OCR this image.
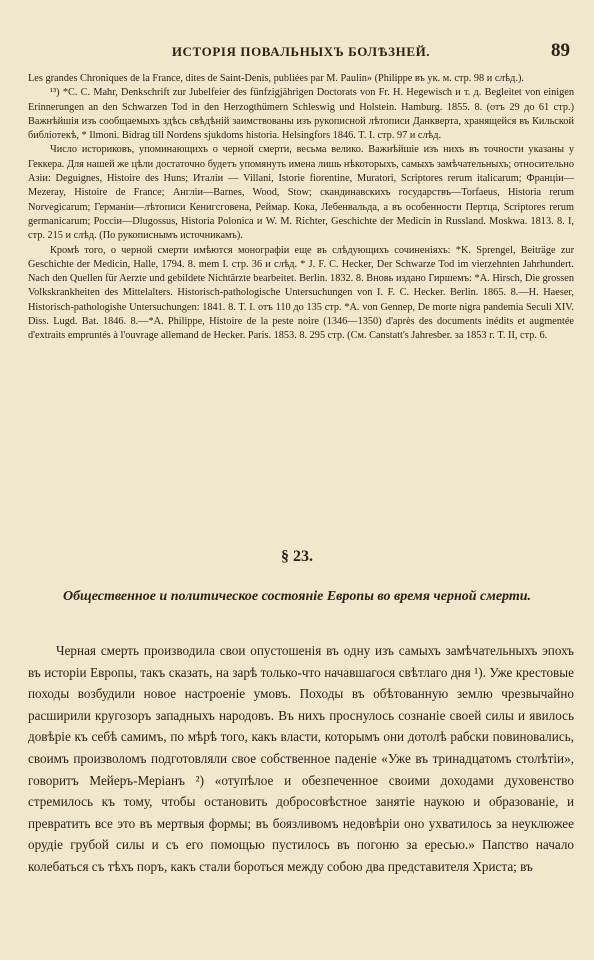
ИСТОРІЯ ПОВАЛЬНЫХЪ БОЛѢЗНЕЙ.	89

Les grandes Chroniques de la France, dites de Saint-Denis, publiées par M. Paulin» (Philippe въ ук. м. стр. 98 и слѣд.).

¹³) *C. C. Mahr, Denkschrift zur Jubelfeier des fünfzigjährigen Doctorats von Fr. H. Hegewisch и т. д. Begleitet von einigen Erinnerungen an den Schwarzen Tod in den Herzogthümern Schleswig und Holstein. Hamburg. 1855. 8. (отъ 29 до 61 стр.) Важнѣйшія изъ сообщаемыхъ здѣсь свѣдѣній заимствованы изъ рукописной лѣтописи Данкверта, хранящейся въ Кильской библіотекѣ, * Ilmoni. Bidrag till Nordens sjukdoms historia. Helsingfors 1846. T. I. стр. 97 и слѣд.

Число историковъ, упоминающихъ о черной смерти, весьма велико. Важнѣйшіе изъ нихъ въ точности указаны у Геккера. Для нашей же цѣли достаточно будетъ упомянуть имена лишь нѣкоторыхъ, самыхъ замѣчательныхъ; относительно Азіи: Deguignes, Histoire des Huns; Италіи — Villani, Istorie fiorentine, Muratori, Scriptores rerum italicarum; Франціи—Mezeray, Histoire de France; Англіи—Barnes, Wood, Stow; скандинавскихъ государствъ—Torfaeus, Historia rerum Norvegicarum; Германіи—лѣтописи Кенигсговена, Реймар. Кока, Лебенвальда, а въ особенности Пертца, Scriptores rerum germanicarum; Россіи—Dlugossus, Historia Polonica и W. M. Richter, Geschichte der Medicin in Russland. Moskwa. 1813. 8. I, стр. 215 и слѣд. (По рукописнымъ источникамъ).

Кромѣ того, о черной смерти имѣются монографіи еще въ слѣдующихъ сочиненіяхъ: *K. Sprengel, Beiträge zur Geschichte der Medicin, Halle, 1794. 8. mem I. стр. 36 и слѣд. * J. F. C. Hecker, Der Schwarze Tod im vierzehnten Jahrhundert. Nach den Quellen für Aerzte und gebildete Nichtärzte bearbeitet. Berlin. 1832. 8. Вновь издано Гиршемъ: *A. Hirsch, Die grossen Volkskrankheiten des Mittelalters. Historisch-pathologische Untersuchungen von I. F. C. Hecker. Berlin. 1865. 8.—H. Haeser, Historisch-pathologishe Untersuchungen: 1841. 8. T. I. отъ 110 до 135 стр. *A. von Gennep, De morte nigra pandemia Seculi XIV. Diss. Lugd. Bat. 1846. 8.—*A. Philippe, Histoire de la peste noire (1346—1350) d'après des documents inédits et augmentée d'extraits empruntés à l'ouvrage allemand de Hecker. Paris. 1853. 8. 295 стр. (См. Canstatt's Jahresber. за 1853 г. T. II, стр. 6.

§ 23.
Общественное и политическое состояніе Европы во время черной смерти.

Черная смерть производила свои опустошенія въ одну изъ самыхъ замѣчательныхъ эпохъ въ исторіи Европы, такъ сказать, на зарѣ только-что начавшагося свѣтлаго дня ¹). Уже крестовые походы возбудили новое настроеніе умовъ. Походы въ обѣтованную землю чрезвычайно расширили кругозоръ западныхъ народовъ. Въ нихъ проснулось сознаніе своей силы и явилось довѣріе къ себѣ самимъ, по мѣрѣ того, какъ власти, которымъ они дотолѣ рабски повиновались, своимъ произволомъ подготовляли свое собственное паденіе «Уже въ тринадцатомъ столѣтіи», говоритъ Мейеръ-Меріанъ ²) «отупѣлое и обезпеченное своими доходами духовенство стремилось къ тому, чтобы остановить добросовѣстное занятіе наукою и образованіе, и превратить все это въ мертвыя формы; въ боязливомъ недовѣріи оно ухватилось за неуклюжее орудіе грубой силы и съ его помощью пустилось въ погоню за ересью.» Папство начало колебаться съ тѣхъ поръ, какъ стали бороться между собою два представителя Христа; въ
